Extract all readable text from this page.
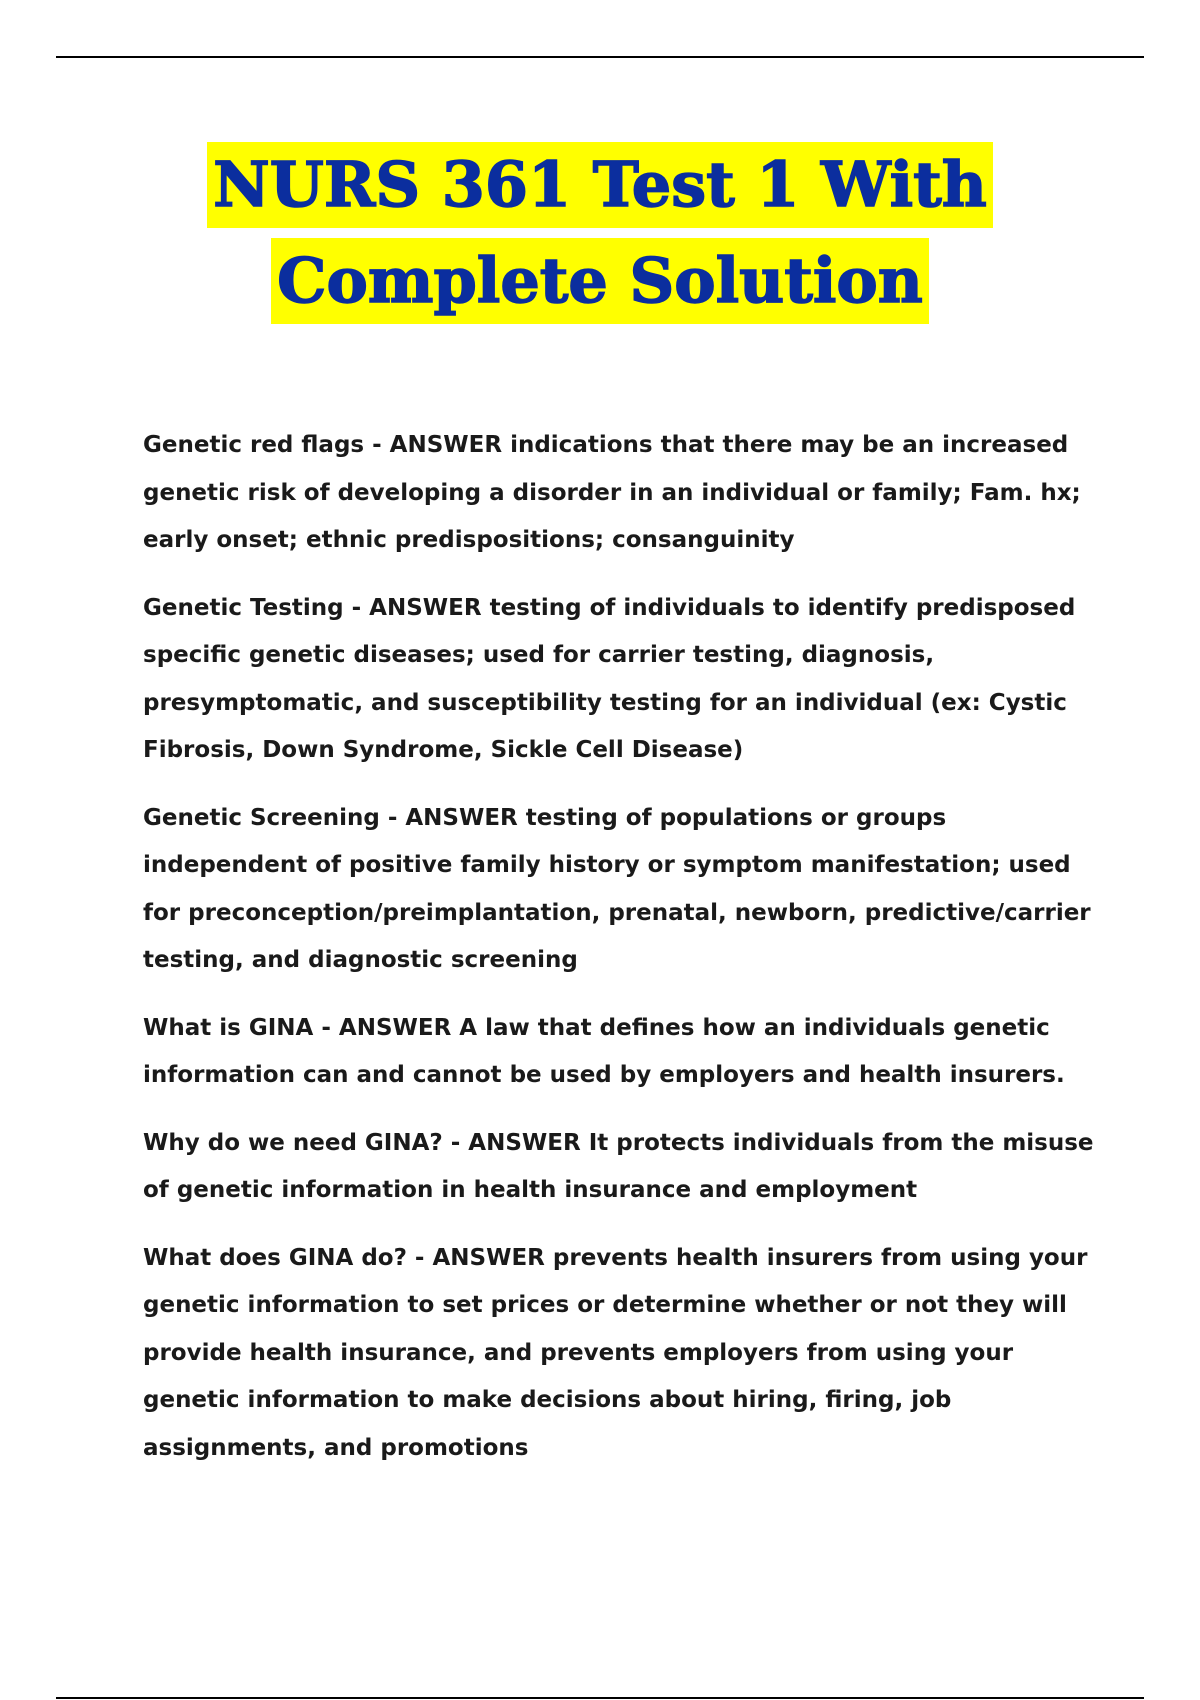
NURS 361 Test 1 With
Complete Solution

Genetic red flags - ANSWER indications that there may be an increased genetic risk of developing a disorder in an individual or family; Fam. hx; early onset; ethnic predispositions; consanguinity

Genetic Testing - ANSWER testing of individuals to identify predisposed specific genetic diseases; used for carrier testing, diagnosis, presymptomatic, and susceptibility testing for an individual (ex: Cystic Fibrosis, Down Syndrome, Sickle Cell Disease)

Genetic Screening - ANSWER testing of populations or groups independent of positive family history or symptom manifestation; used for preconception/preimplantation, prenatal, newborn, predictive/carrier testing, and diagnostic screening

What is GINA - ANSWER A law that defines how an individuals genetic information can and cannot be used by employers and health insurers.

Why do we need GINA? - ANSWER It protects individuals from the misuse of genetic information in health insurance and employment

What does GINA do? - ANSWER prevents health insurers from using your genetic information to set prices or determine whether or not they will provide health insurance, and prevents employers from using your genetic information to make decisions about hiring, firing, job assignments, and promotions
